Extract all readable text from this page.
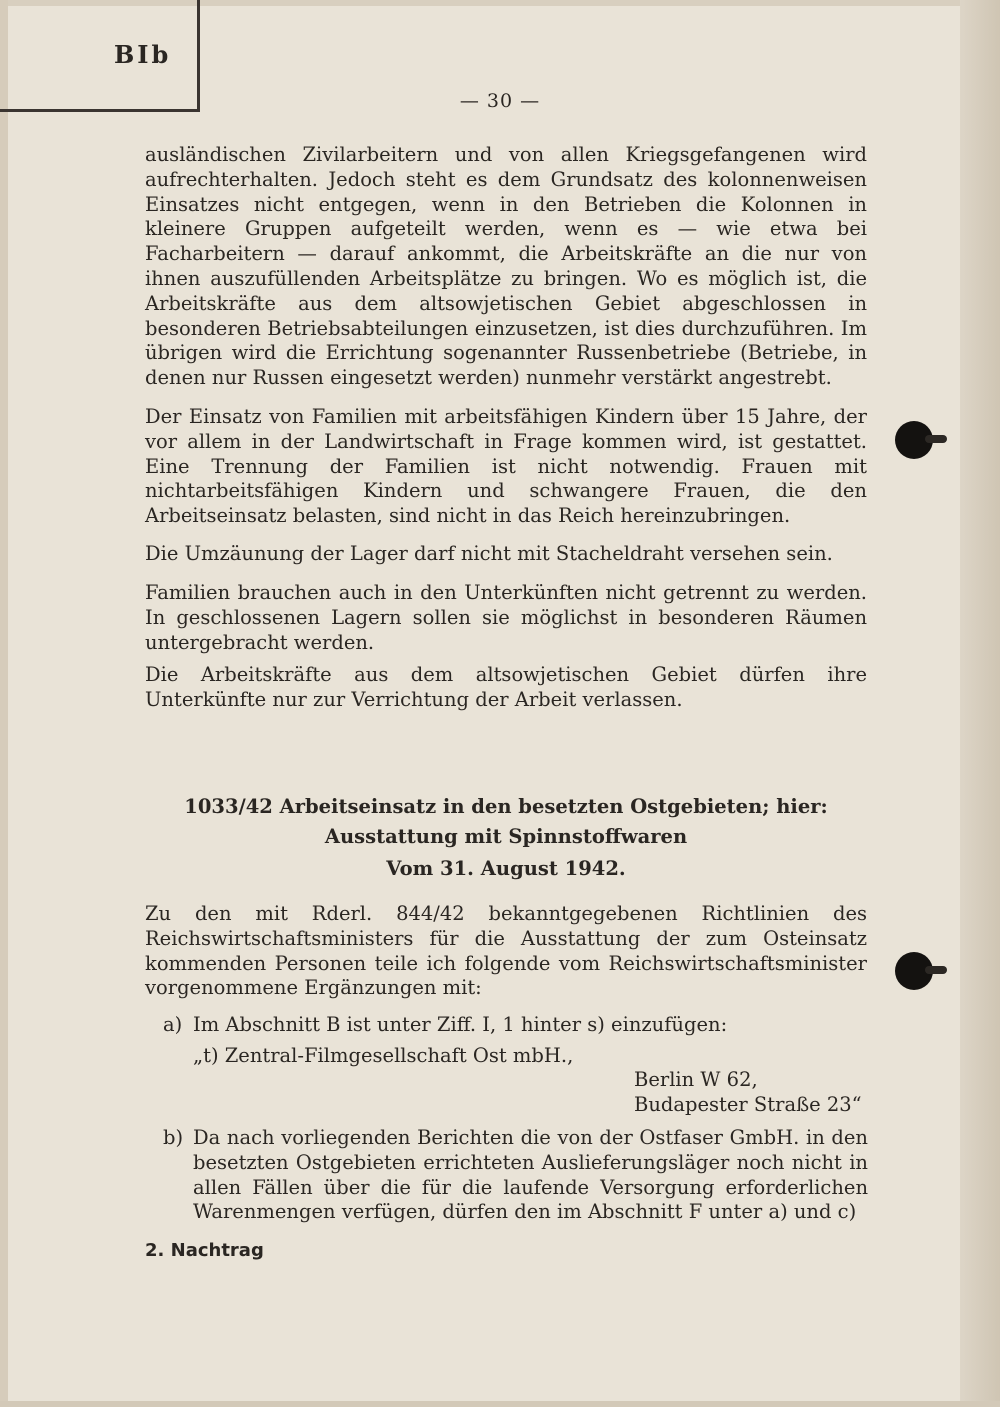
BIb
— 30 —
ausländischen Zivilarbeitern und von allen Kriegsgefangenen wird aufrechterhalten. Jedoch steht es dem Grundsatz des kolonnenweisen Einsatzes nicht entgegen, wenn in den Betrieben die Kolonnen in kleinere Gruppen aufgeteilt werden, wenn es — wie etwa bei Facharbeitern — darauf ankommt, die Arbeitskräfte an die nur von ihnen auszufüllenden Arbeitsplätze zu bringen. Wo es möglich ist, die Arbeitskräfte aus dem altsowjetischen Gebiet abgeschlossen in besonderen Betriebsabteilungen einzusetzen, ist dies durchzuführen. Im übrigen wird die Errichtung sogenannter Russenbetriebe (Betriebe, in denen nur Russen eingesetzt werden) nunmehr verstärkt angestrebt.
Der Einsatz von Familien mit arbeitsfähigen Kindern über 15 Jahre, der vor allem in der Landwirtschaft in Frage kommen wird, ist gestattet. Eine Trennung der Familien ist nicht notwendig. Frauen mit nichtarbeitsfähigen Kindern und schwangere Frauen, die den Arbeitseinsatz belasten, sind nicht in das Reich hereinzubringen.
Die Umzäunung der Lager darf nicht mit Stacheldraht versehen sein.
Familien brauchen auch in den Unterkünften nicht getrennt zu werden. In geschlossenen Lagern sollen sie möglichst in besonderen Räumen untergebracht werden.
Die Arbeitskräfte aus dem altsowjetischen Gebiet dürfen ihre Unterkünfte nur zur Verrichtung der Arbeit verlassen.
1033/42 Arbeitseinsatz in den besetzten Ostgebieten; hier: Ausstattung mit Spinnstoffwaren
Vom 31. August 1942.
Zu den mit Rderl. 844/42 bekanntgegebenen Richtlinien des Reichswirtschaftsministers für die Ausstattung der zum Osteinsatz kommenden Personen teile ich folgende vom Reichswirtschaftsminister vorgenommene Ergänzungen mit:
a) Im Abschnitt B ist unter Ziff. I, 1 hinter s) einzufügen:
„t) Zentral-Filmgesellschaft Ost mbH.,
Berlin W 62,
Budapester Straße 23“
b) Da nach vorliegenden Berichten die von der Ostfaser GmbH. in den besetzten Ostgebieten errichteten Auslieferungsläger noch nicht in allen Fällen über die für die laufende Versorgung erforderlichen Warenmengen verfügen, dürfen den im Abschnitt F unter a) und c)
2. Nachtrag
